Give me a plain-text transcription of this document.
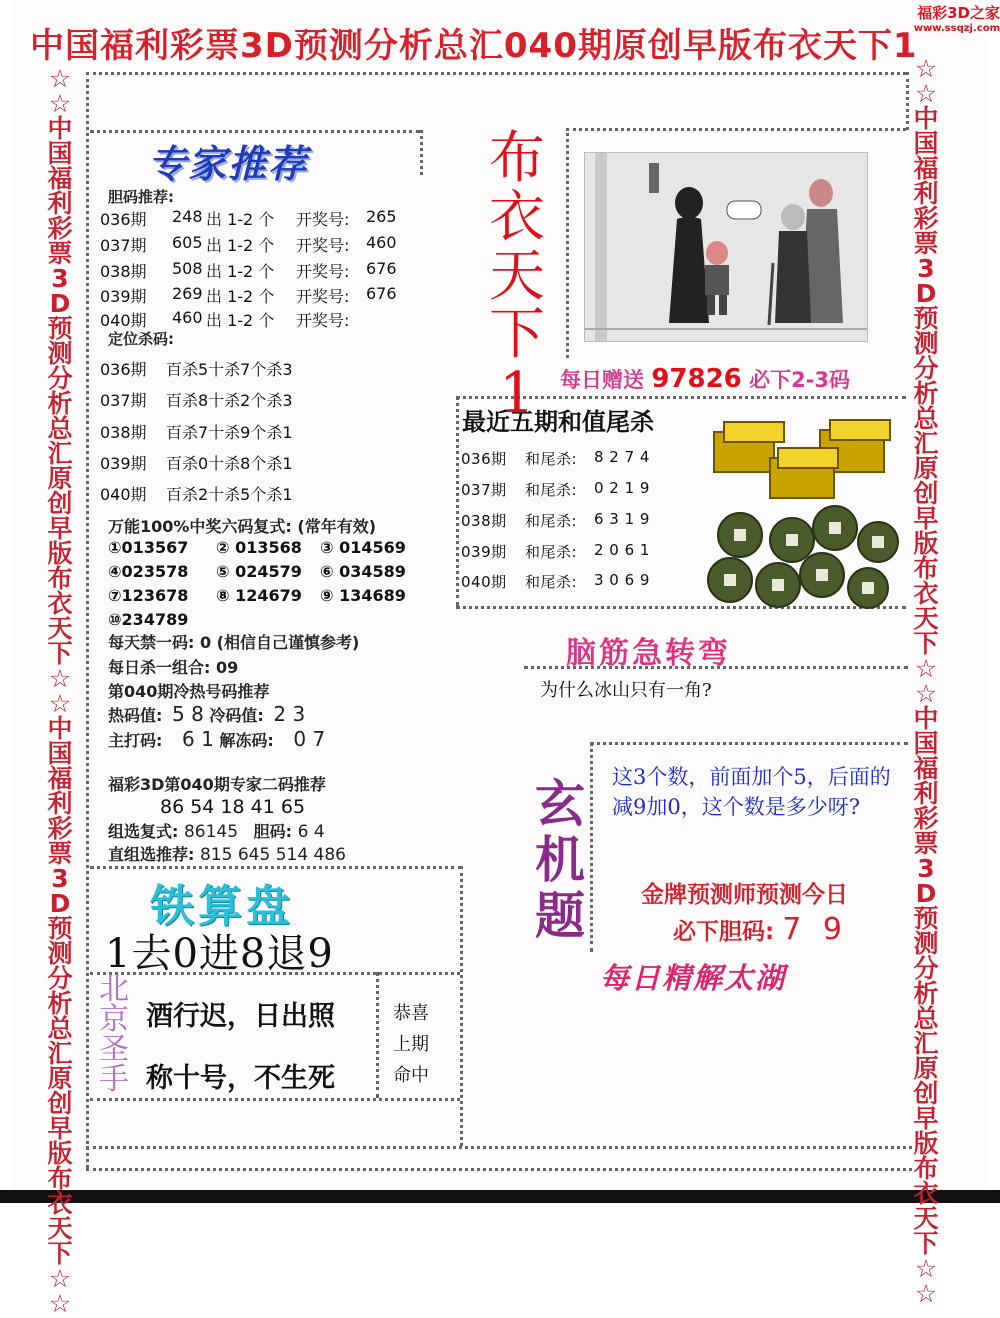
中国福利彩票3D预测分析总汇040期原创早版布衣天下1
福彩3D之家
www.ssqzj.com
☆☆中国福利彩票3D预测分析总汇原创早版布衣天下☆☆中国福利彩票3D预测分析总汇原创早版布衣天下☆☆
☆☆中国福利彩票3D预测分析总汇原创早版布衣天下☆☆中国福利彩票3D预测分析总汇原创早版布衣天下☆☆
专家推荐
胆码推荐:
036期 248 出 1-2 个 开奖号: 265
037期 605 出 1-2 个 开奖号: 460
038期 508 出 1-2 个 开奖号: 676
039期 269 出 1-2 个 开奖号: 676
040期 460 出 1-2 个 开奖号:
定位杀码:
036期 百杀5十杀7个杀3
037期 百杀8十杀2个杀3
038期 百杀7十杀9个杀1
039期 百杀0十杀8个杀1
040期 百杀2十杀5个杀1
万能100%中奖六码复式: (常年有效)
①013567 ② 013568 ③ 014569
④023578 ⑤ 024579 ⑥ 034589
⑦123678 ⑧ 124679 ⑨ 134689
⑩234789
每天禁一码: 0 (相信自己谨慎参考)
每日杀一组合: 09
第040期冷热号码推荐
热码值: 5 8 冷码值: 2 3
主打码: 6 1 解冻码: 0 7
福彩3D第040期专家二码推荐
86 54 18 41 65
组选复式: 86145 胆码: 6 4
直组选推荐: 815 645 514 486
布衣天下1	每日赠送 97826 必下2-3码
最近五期和值尾杀
036期 和尾杀: 8 2 7 4
037期 和尾杀: 0 2 1 9
038期 和尾杀: 6 3 1 9
039期 和尾杀: 2 0 6 1
040期 和尾杀: 3 0 6 9
脑筋急转弯
为什么冰山只有一角?
玄机题
这3个数，前面加个5，后面的减9加0，这个数是多少呀?
金牌预测师预测今日
必下胆码: 7 9
每日精解太湖
铁算盘
1去0进8退9
北京圣手
酒行迟，日出照
称十号，不生死
恭喜
上期
命中
